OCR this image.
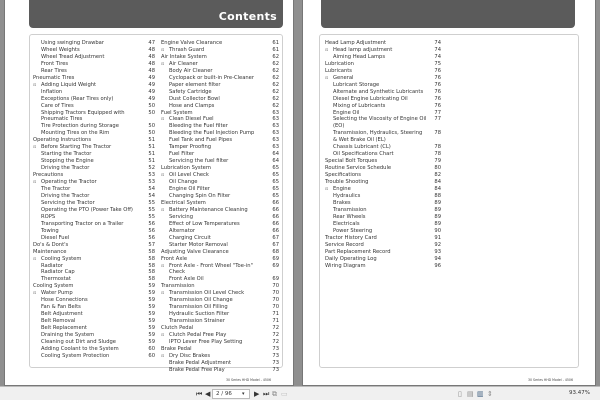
Contents
Using swinging Drawbar	47
Wheel Weights	48
Wheel Tread Adjustment	48
Front Tires	48
Rear Tires	48
Pneumatic Tires	49
⊡ Adding Liquid Weight	49
Inflation	49
Exceptions (Rear Tires only)	49
Care of Tires	50
Shipping Tractors Equipped with Pneumatic Tires
50
Tire Protection during Storage	50
Mounting Tires on the Rim	50
Operating Instructions	51
⊡ Before Starting The Tractor	51
Starting the Tractor	51
Stopping the Engine	51
Driving the Tractor	52
Precautions	53
⊡ Operating the Tractor	53
The Tractor	54
Driving the Tractor	54
Servicing the Tractor	55
Operating the PTO (Power Take Off)	55
ROPS	55
Transporting Tractor on a Trailer	56
Towing	56
Diesel Fuel	56
Do's & Dont's	57
Maintenance	58
⊡ Cooling System	58
Radiator	58
Radiator Cap	58
Thermostat	58
Cooling System	59
⊡ Water Pump	59
Hose Connections	59
Fan & Fan Belts	59
Belt Adjustment	59
Belt Removal	59
Belt Replacement	59
Draining the System	59
Cleaning out Dirt and Sludge	59
Adding Coolant to the System	60
Cooling System Protection	60
Engine Valve Clearance	61
⊡ Thrash Guard	61
Air Intake System	62
⊡ Air Cleaner	62
Body Air Cleaner	62
Cyclopack or built-in Pre-Cleaner	62
Paper element filter	62
Safety Cartridge	62
Dust Collector Bowl	62
Hose and Clamps	62
Fuel System	63
⊡ Clean Diesel Fuel	63
Bleeding the Fuel filter	63
Bleeding the Fuel Injection Pump	63
Fuel Tank and Fuel Pipes	63
Tamper Proofing	63
Fuel Filter	64
Servicing the fuel filter	64
Lubrication System	65
⊡ Oil Level Check	65
Oil Change	65
Engine Oil Filter	65
Changing Spin On Filter	65
Electrical System	66
⊡ Battery Maintenance Cleaning	66
Servicing	66
Effect of Low Temperatures	66
Alternator	66
Charging Circuit	67
Starter Motor Removal	67
Adjusting Valve Clearance	68
Front Axle	69
⊡ Front Axle - Front Wheel "Toe-in" Check
69
Front Axle Oil	69
Transmission	70
⊡ Transmission Oil Level Check	70
Transmission Oil Change	70
Transmission Oil Filling	70
Hydraulic Suction Filter	71
Transmission Strainer	71
Clutch Pedal	72
⊡ Clutch Pedal Free Play	72
IPTO Lever Free Play Setting	72
Brake Pedal	73
⊡ Dry Disc Brakes	73
Brake Pedal Adjustment	73
Brake Pedal Free Play	73
30 Series HHD Model - 4506
Head Lamp Adjustment	74
⊡ Head lamp adjustment	74
Aiming Head Lamps	74
Lubrication	75
Lubricants	76
⊡ General	76
Lubricant Storage	76
Alternate and Synthetic Lubricants	76
Diesel Engine Lubricating Oil	76
Mixing of Lubricants	76
Engine Oil	77
Selecting the Viscosity of Engine Oil (EO)
77
Transmission, Hydraulics, Steering & Wet Brake Oil (EL)
78
Chassis Lubricant (CL)	78
Oil Specifications Chart	78
Special Bolt Torques	79
Routine Service Schedule	80
Specifications	82
Trouble Shooting	84
⊡ Engine	84
Hydraulics	88
Brakes	89
Transmission	89
Rear Wheels	89
Electricals	89
Power Steering	90
Tractor History Card	91
Service Record	92
Part Replacement Record	93
Daily Operating Log	94
Wiring Diagram	96
30 Series HHD Model - 4506
⏮ ◀	2 / 96	▾ ▶ ⏭ ⧉ ▭	▯ ▤ ▥ ⇕	93.47%
